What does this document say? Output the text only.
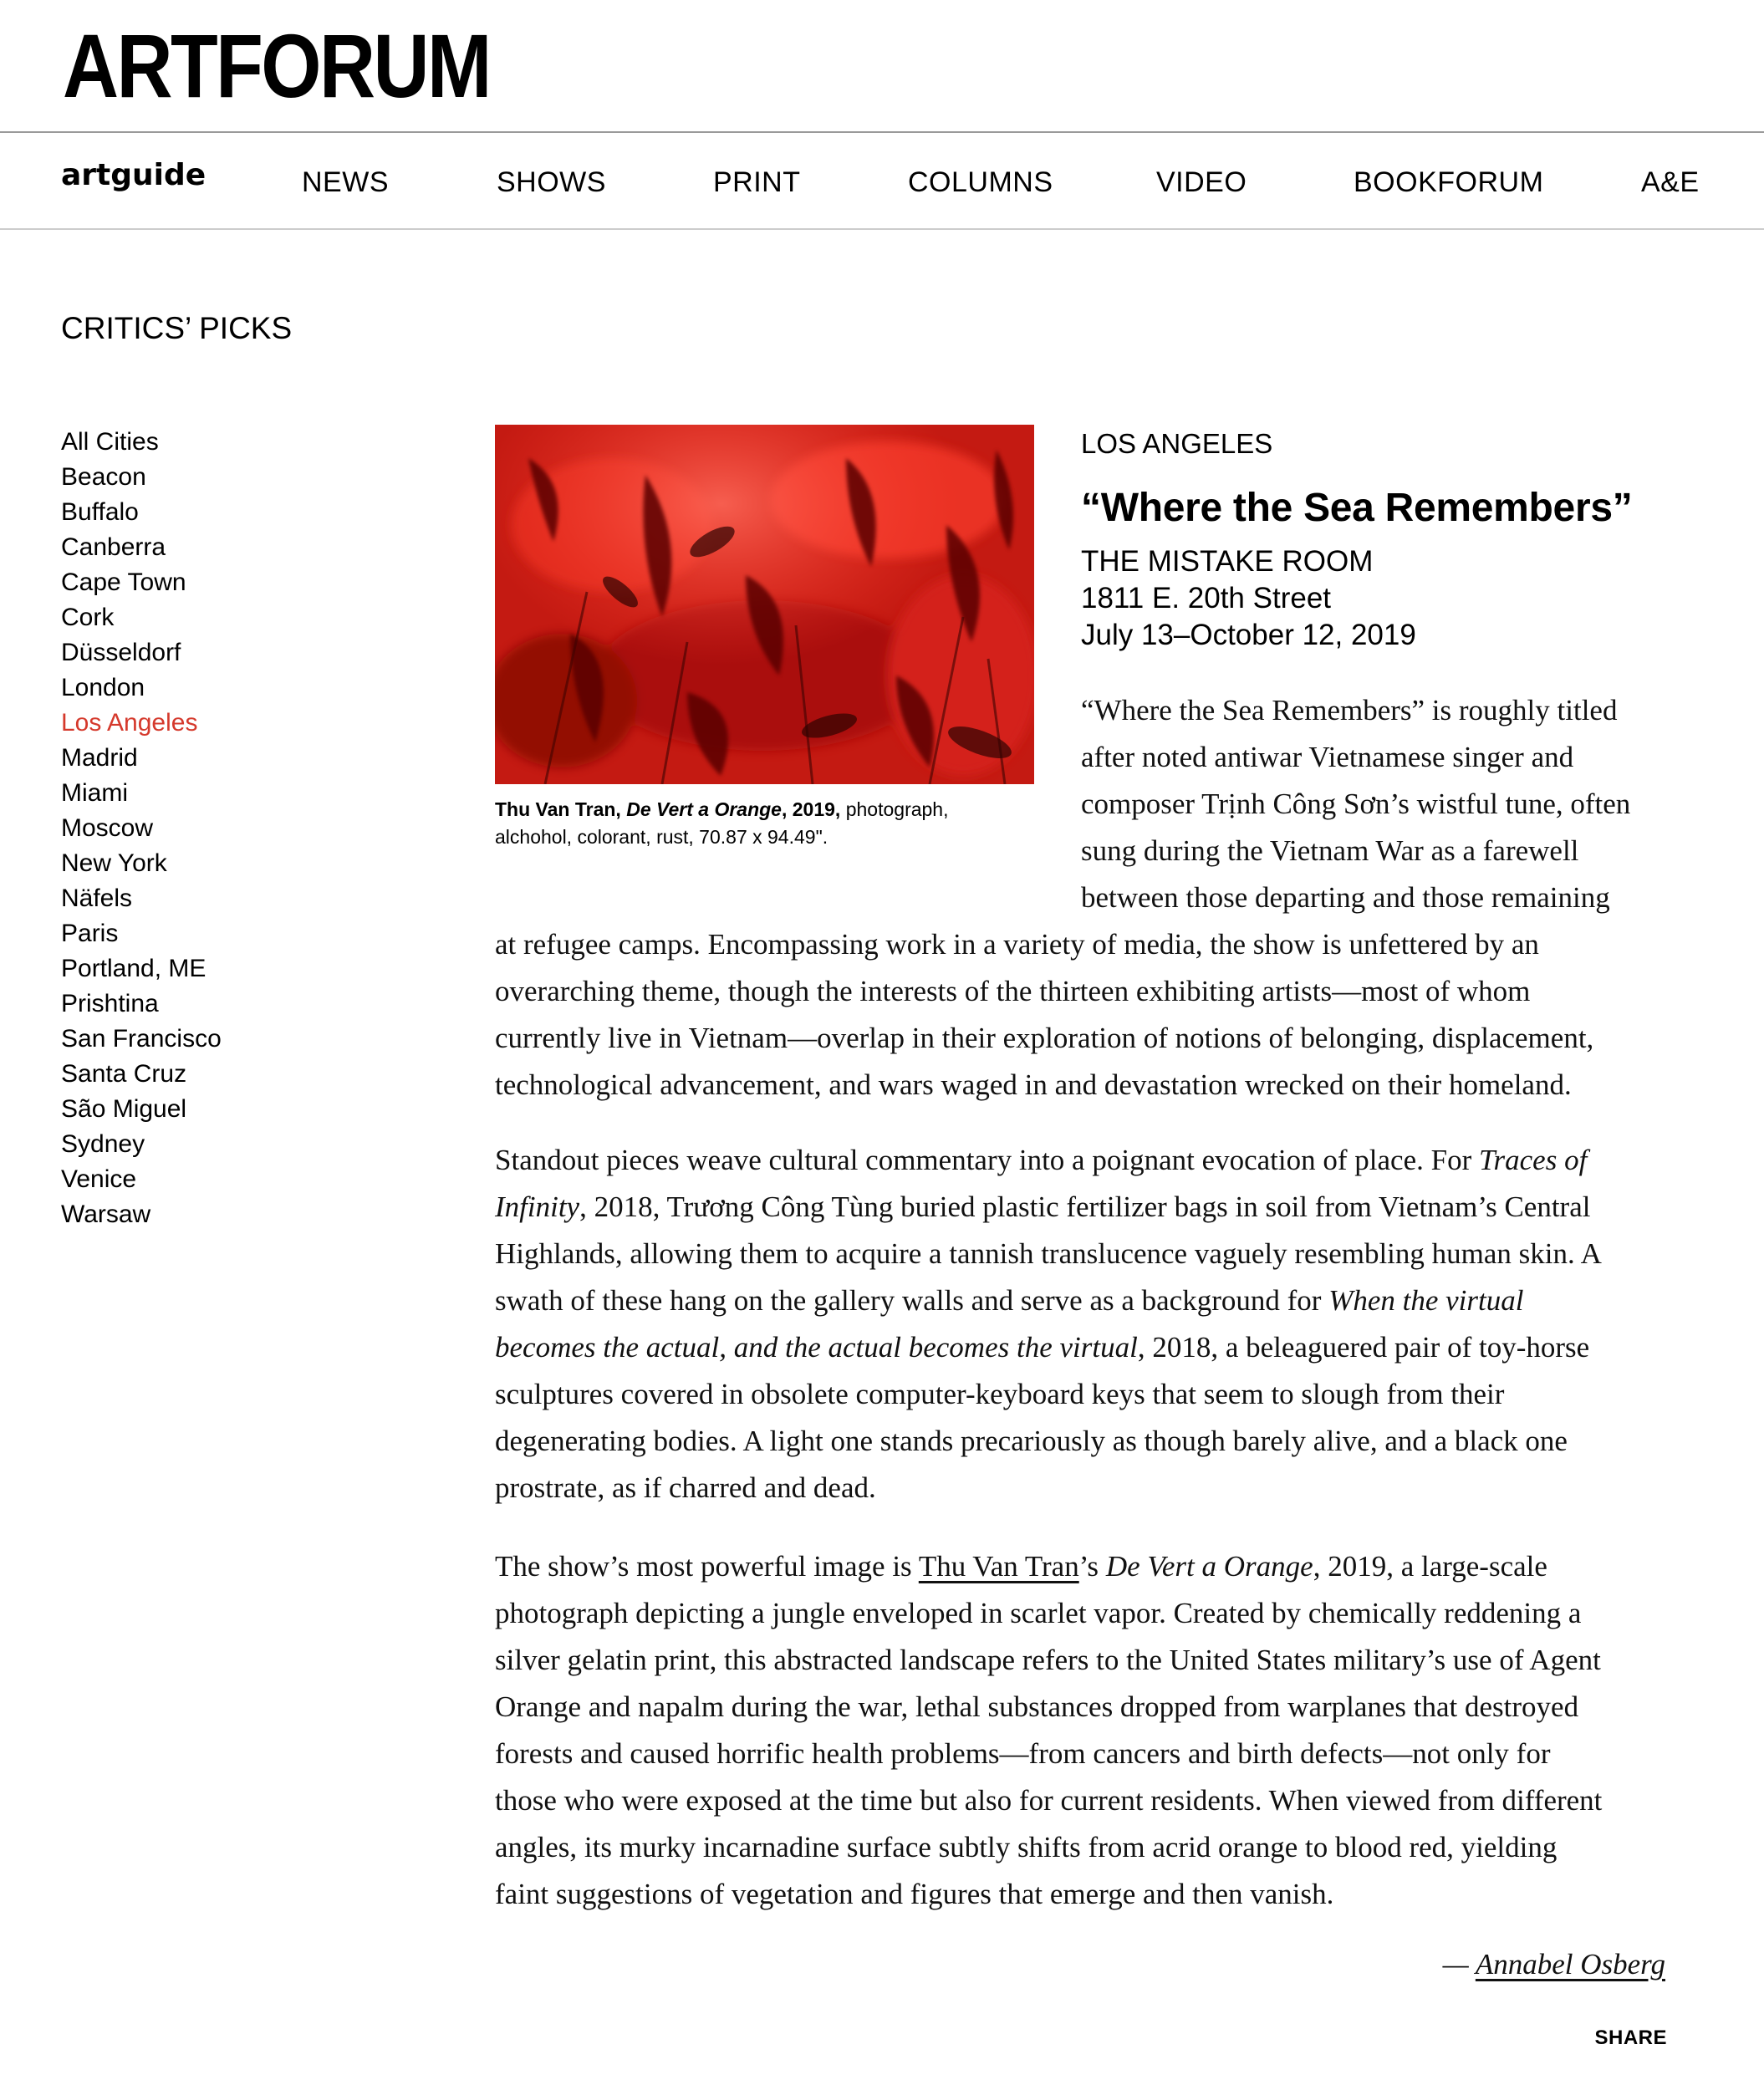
ARTFORUM
artguide	NEWS	SHOWS	PRINT	COLUMNS	VIDEO	BOOKFORUM	A&E
CRITICS’ PICKS
All Cities
Beacon
Buffalo
Canberra
Cape Town
Cork
Düsseldorf
London
Los Angeles
Madrid
Miami
Moscow
New York
Näfels
Paris
Portland, ME
Prishtina
San Francisco
Santa Cruz
São Miguel
Sydney
Venice
Warsaw
Thu Van Tran, De Vert a Orange, 2019, photograph,
alchohol, colorant, rust, 70.87 x 94.49".
LOS ANGELES
“Where the Sea Remembers”
THE MISTAKE ROOM
1811 E. 20th Street
July 13–October 12, 2019
“Where the Sea Remembers” is roughly titled
after noted antiwar Vietnamese singer and
composer Trịnh Công Sơn’s wistful tune, often
sung during the Vietnam War as a farewell
between those departing and those remaining
at refugee camps. Encompassing work in a variety of media, the show is unfettered by an
overarching theme, though the interests of the thirteen exhibiting artists—most of whom
currently live in Vietnam—overlap in their exploration of notions of belonging, displacement,
technological advancement, and wars waged in and devastation wrecked on their homeland.
Standout pieces weave cultural commentary into a poignant evocation of place. For Traces of
Infinity, 2018, Trương Công Tùng buried plastic fertilizer bags in soil from Vietnam’s Central
Highlands, allowing them to acquire a tannish translucence vaguely resembling human skin. A
swath of these hang on the gallery walls and serve as a background for When the virtual
becomes the actual, and the actual becomes the virtual, 2018, a beleaguered pair of toy-horse
sculptures covered in obsolete computer-keyboard keys that seem to slough from their
degenerating bodies. A light one stands precariously as though barely alive, and a black one
prostrate, as if charred and dead.
The show’s most powerful image is Thu Van Tran’s De Vert a Orange, 2019, a large-scale
photograph depicting a jungle enveloped in scarlet vapor. Created by chemically reddening a
silver gelatin print, this abstracted landscape refers to the United States military’s use of Agent
Orange and napalm during the war, lethal substances dropped from warplanes that destroyed
forests and caused horrific health problems—from cancers and birth defects—not only for
those who were exposed at the time but also for current residents. When viewed from different
angles, its murky incarnadine surface subtly shifts from acrid orange to blood red, yielding
faint suggestions of vegetation and figures that emerge and then vanish.
— Annabel Osberg
SHARE
